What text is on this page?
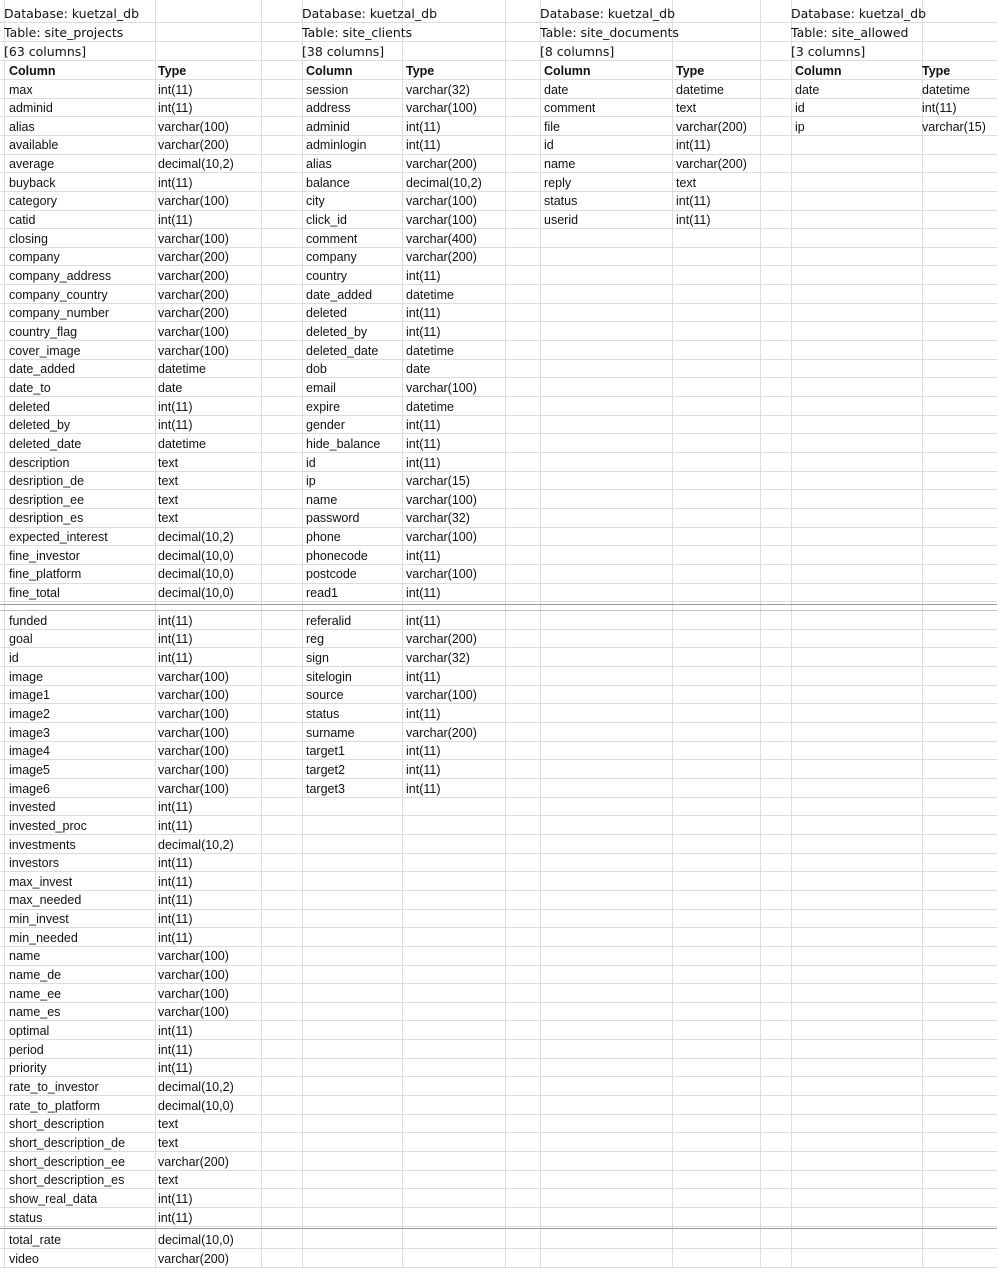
Database: kuetzal_db
Table: site_projects
[63 columns]
Column	Type
max	int(11)
adminid	int(11)
alias	varchar(100)
available	varchar(200)
average	decimal(10,2)
buyback	int(11)
category	varchar(100)
catid	int(11)
closing	varchar(100)
company	varchar(200)
company_address	varchar(200)
company_country	varchar(200)
company_number	varchar(200)
country_flag	varchar(100)
cover_image	varchar(100)
date_added	datetime
date_to	date
deleted	int(11)
deleted_by	int(11)
deleted_date	datetime
description	text
desription_de	text
desription_ee	text
desription_es	text
expected_interest	decimal(10,2)
fine_investor	decimal(10,0)
fine_platform	decimal(10,0)
fine_total	decimal(10,0)
funded	int(11)
goal	int(11)
id	int(11)
image	varchar(100)
image1	varchar(100)
image2	varchar(100)
image3	varchar(100)
image4	varchar(100)
image5	varchar(100)
image6	varchar(100)
invested	int(11)
invested_proc	int(11)
investments	decimal(10,2)
investors	int(11)
max_invest	int(11)
max_needed	int(11)
min_invest	int(11)
min_needed	int(11)
name	varchar(100)
name_de	varchar(100)
name_ee	varchar(100)
name_es	varchar(100)
optimal	int(11)
period	int(11)
priority	int(11)
rate_to_investor	decimal(10,2)
rate_to_platform	decimal(10,0)
short_description	text
short_description_de	text
short_description_ee	varchar(200)
short_description_es	text
show_real_data	int(11)
status	int(11)
total_rate	decimal(10,0)
video	varchar(200)
Database: kuetzal_db
Table: site_clients
[38 columns]
Column	Type
session	varchar(32)
address	varchar(100)
adminid	int(11)
adminlogin	int(11)
alias	varchar(200)
balance	decimal(10,2)
city	varchar(100)
click_id	varchar(100)
comment	varchar(400)
company	varchar(200)
country	int(11)
date_added	datetime
deleted	int(11)
deleted_by	int(11)
deleted_date datetime
dob	date
email	varchar(100)
expire	datetime
gender	int(11)
hide_balance int(11)
id	int(11)
ip	varchar(15)
name	varchar(100)
password	varchar(32)
phone	varchar(100)
phonecode	int(11)
postcode	varchar(100)
read1	int(11)
referalid	int(11)
reg	varchar(200)
sign	varchar(32)
sitelogin	int(11)
source	varchar(100)
status	int(11)
surname	varchar(200)
target1	int(11)
target2	int(11)
target3	int(11)
Database: kuetzal_db
Table: site_documents
[8 columns]
Column	Type
date	datetime
comment	text
file	varchar(200)
id	int(11)
name	varchar(200)
reply	text
status	int(11)
userid	int(11)
Database: kuetzal_db
Table: site_allowed
[3 columns]
Column	Type
date	datetime
id	int(11)
ip	varchar(15)
